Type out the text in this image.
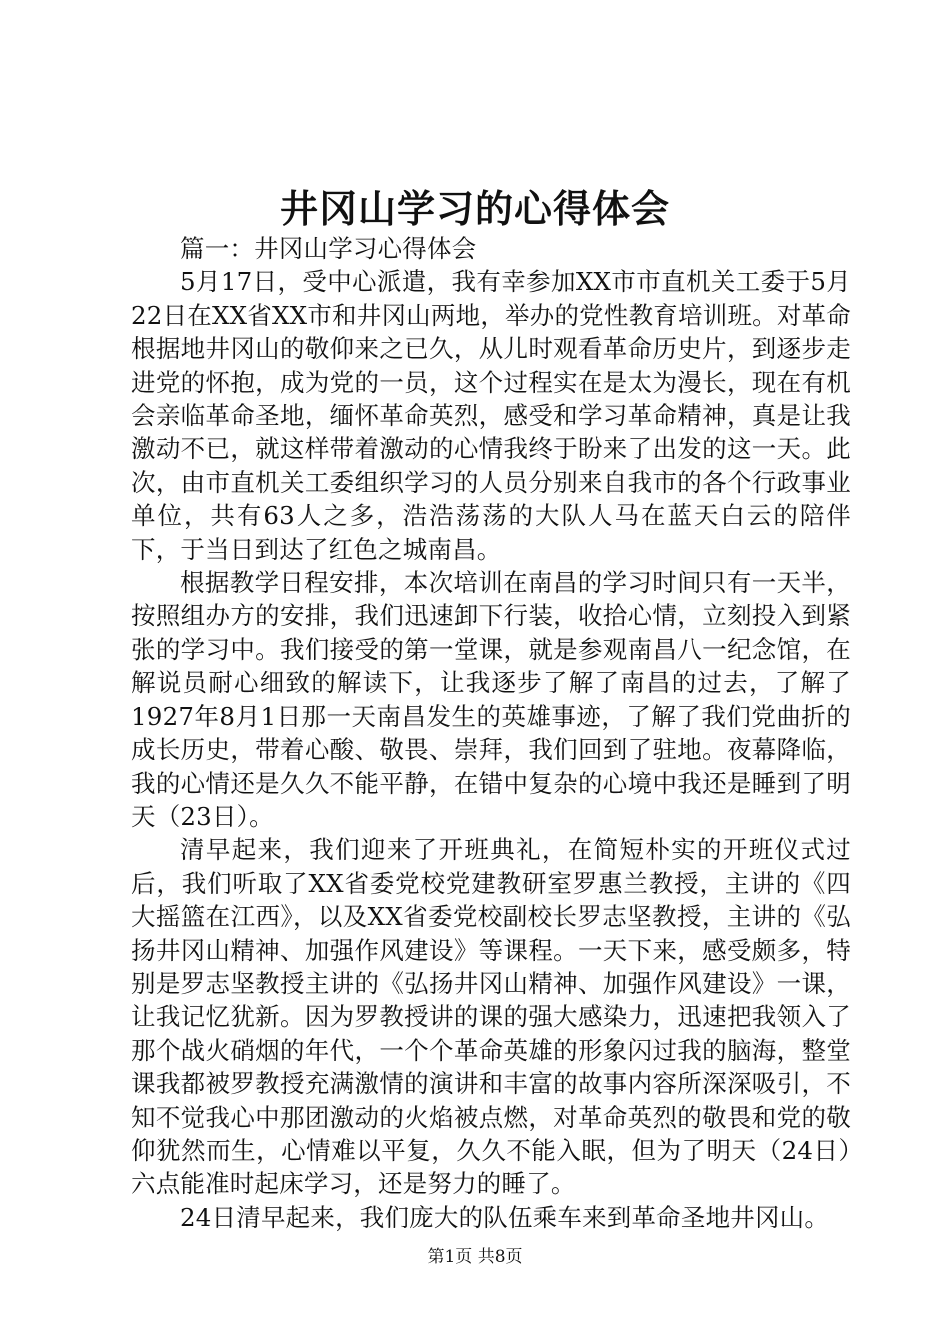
井冈山学习的心得体会

篇一：井冈山学习心得体会

5月17日，受中心派遣，我有幸参加XX市市直机关工委于5月22日在XX省XX市和井冈山两地，举办的党性教育培训班。对革命根据地井冈山的敬仰来之已久，从儿时观看革命历史片，到逐步走进党的怀抱，成为党的一员，这个过程实在是太为漫长，现在有机会亲临革命圣地，缅怀革命英烈，感受和学习革命精神，真是让我激动不已，就这样带着激动的心情我终于盼来了出发的这一天。此次，由市直机关工委组织学习的人员分别来自我市的各个行政事业单位，共有63人之多，浩浩荡荡的大队人马在蓝天白云的陪伴下，于当日到达了红色之城南昌。

根据教学日程安排，本次培训在南昌的学习时间只有一天半，按照组办方的安排，我们迅速卸下行装，收拾心情，立刻投入到紧张的学习中。我们接受的第一堂课，就是参观南昌八一纪念馆，在解说员耐心细致的解读下，让我逐步了解了南昌的过去，了解了1927年8月1日那一天南昌发生的英雄事迹，了解了我们党曲折的成长历史，带着心酸、敬畏、崇拜，我们回到了驻地。夜幕降临，我的心情还是久久不能平静，在错中复杂的心境中我还是睡到了明天（23日）。

清早起来，我们迎来了开班典礼，在简短朴实的开班仪式过后，我们听取了XX省委党校党建教研室罗惠兰教授，主讲的《四大摇篮在江西》，以及XX省委党校副校长罗志坚教授，主讲的《弘扬井冈山精神、加强作风建设》等课程。一天下来，感受颇多，特别是罗志坚教授主讲的《弘扬井冈山精神、加强作风建设》一课，让我记忆犹新。因为罗教授讲的课的强大感染力，迅速把我领入了那个战火硝烟的年代，一个个革命英雄的形象闪过我的脑海，整堂课我都被罗教授充满激情的演讲和丰富的故事内容所深深吸引，不知不觉我心中那团激动的火焰被点燃，对革命英烈的敬畏和党的敬仰犹然而生，心情难以平复，久久不能入眠，但为了明天（24日）六点能准时起床学习，还是努力的睡了。

24日清早起来，我们庞大的队伍乘车来到革命圣地井冈山。

第1页 共8页
